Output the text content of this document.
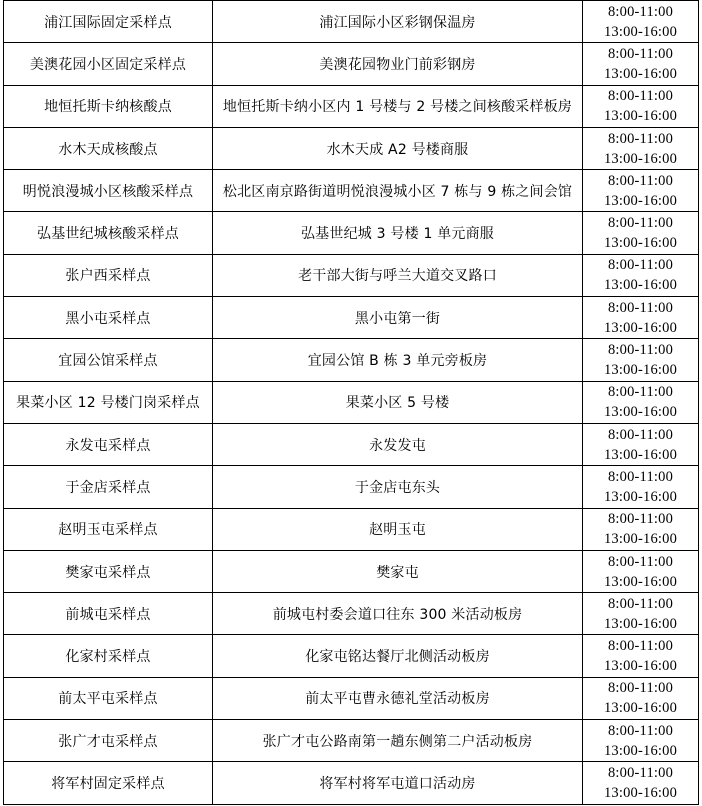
浦江国际固定采样点	浦江国际小区彩钢保温房	8:00-11:00
13:00-16:00

美澳花园小区固定采样点	美澳花园物业门前彩钢房	8:00-11:00
13:00-16:00

地恒托斯卡纳核酸点	地恒托斯卡纳小区内 1 号楼与 2 号楼之间核酸采样板房	8:00-11:00
13:00-16:00

水木天成核酸点	水木天成 A2 号楼商服	8:00-11:00
13:00-16:00

明悦浪漫城小区核酸采样点	松北区南京路街道明悦浪漫城小区 7 栋与 9 栋之间会馆	8:00-11:00
13:00-16:00

弘基世纪城核酸采样点	弘基世纪城 3 号楼 1 单元商服	8:00-11:00
13:00-16:00

张户西采样点	老干部大街与呼兰大道交叉路口	8:00-11:00
13:00-16:00

黑小屯采样点	黑小屯第一街	8:00-11:00
13:00-16:00

宜园公馆采样点	宜园公馆 B 栋 3 单元旁板房	8:00-11:00
13:00-16:00

果菜小区 12 号楼门岗采样点	果菜小区 5 号楼	8:00-11:00
13:00-16:00

永发屯采样点	永发发屯	8:00-11:00
13:00-16:00

于金店采样点	于金店屯东头	8:00-11:00
13:00-16:00

赵明玉屯采样点	赵明玉屯	8:00-11:00
13:00-16:00

樊家屯采样点	樊家屯	8:00-11:00
13:00-16:00

前城屯采样点	前城屯村委会道口往东 300 米活动板房	8:00-11:00
13:00-16:00

化家村采样点	化家屯铭达餐厅北侧活动板房	8:00-11:00
13:00-16:00

前太平屯采样点	前太平屯曹永德礼堂活动板房	8:00-11:00
13:00-16:00

张广才屯采样点	张广才屯公路南第一趟东侧第二户活动板房	8:00-11:00
13:00-16:00

将军村固定采样点	将军村将军屯道口活动房	8:00-11:00
13:00-16:00
